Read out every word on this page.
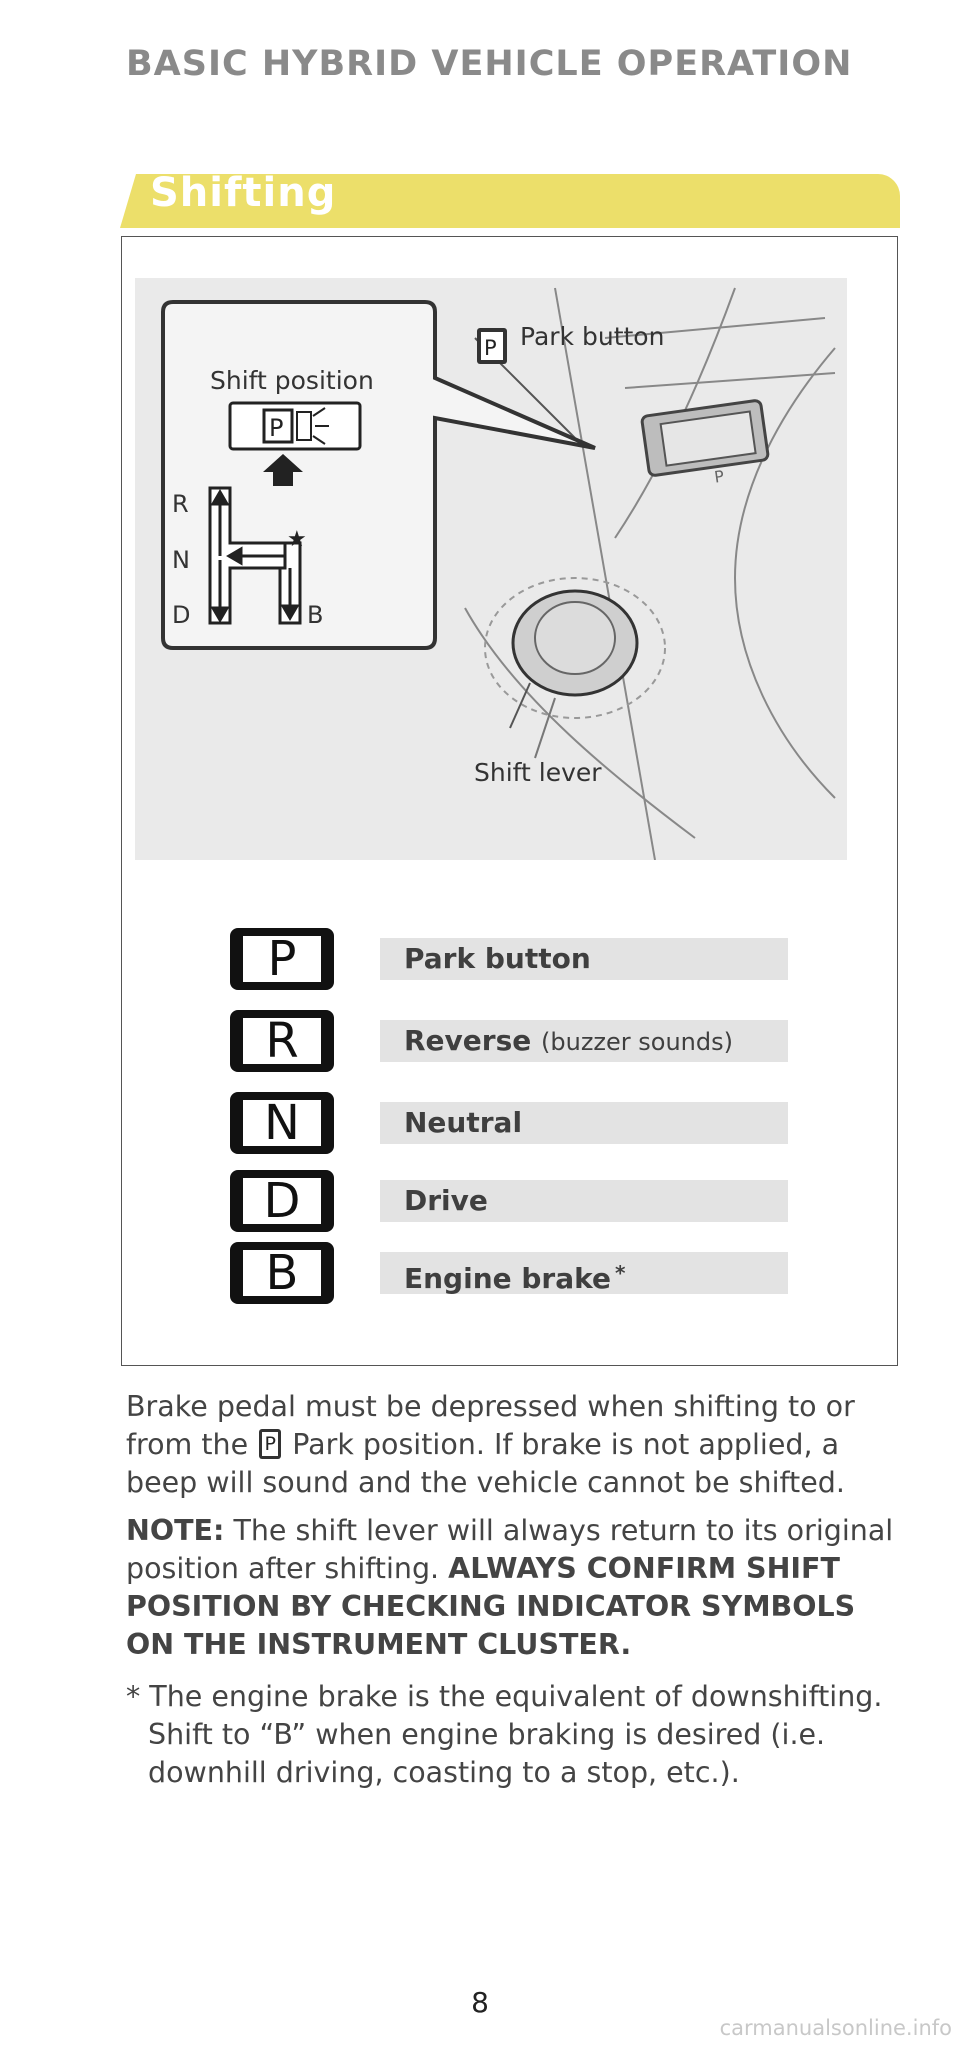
BASIC HYBRID VEHICLE OPERATION
Shifting
P
P
★
R
N
D	B
P
Shift position
Park button
Shift lever
P	Park button
R	Reverse (buzzer sounds)
N	Neutral
D	Drive
B	Engine brake *
Brake pedal must be depressed when shifting to or from the P Park position. If brake is not applied, a beep will sound and the vehicle cannot be shifted.
NOTE: The shift lever will always return to its original position after shifting. ALWAYS CONFIRM SHIFT POSITION BY CHECKING INDICATOR SYMBOLS ON THE INSTRUMENT CLUSTER.
* The engine brake is the equivalent of downshifting. Shift to “B” when engine braking is desired (i.e. downhill driving, coasting to a stop, etc.).
8
carmanualsonline.info
